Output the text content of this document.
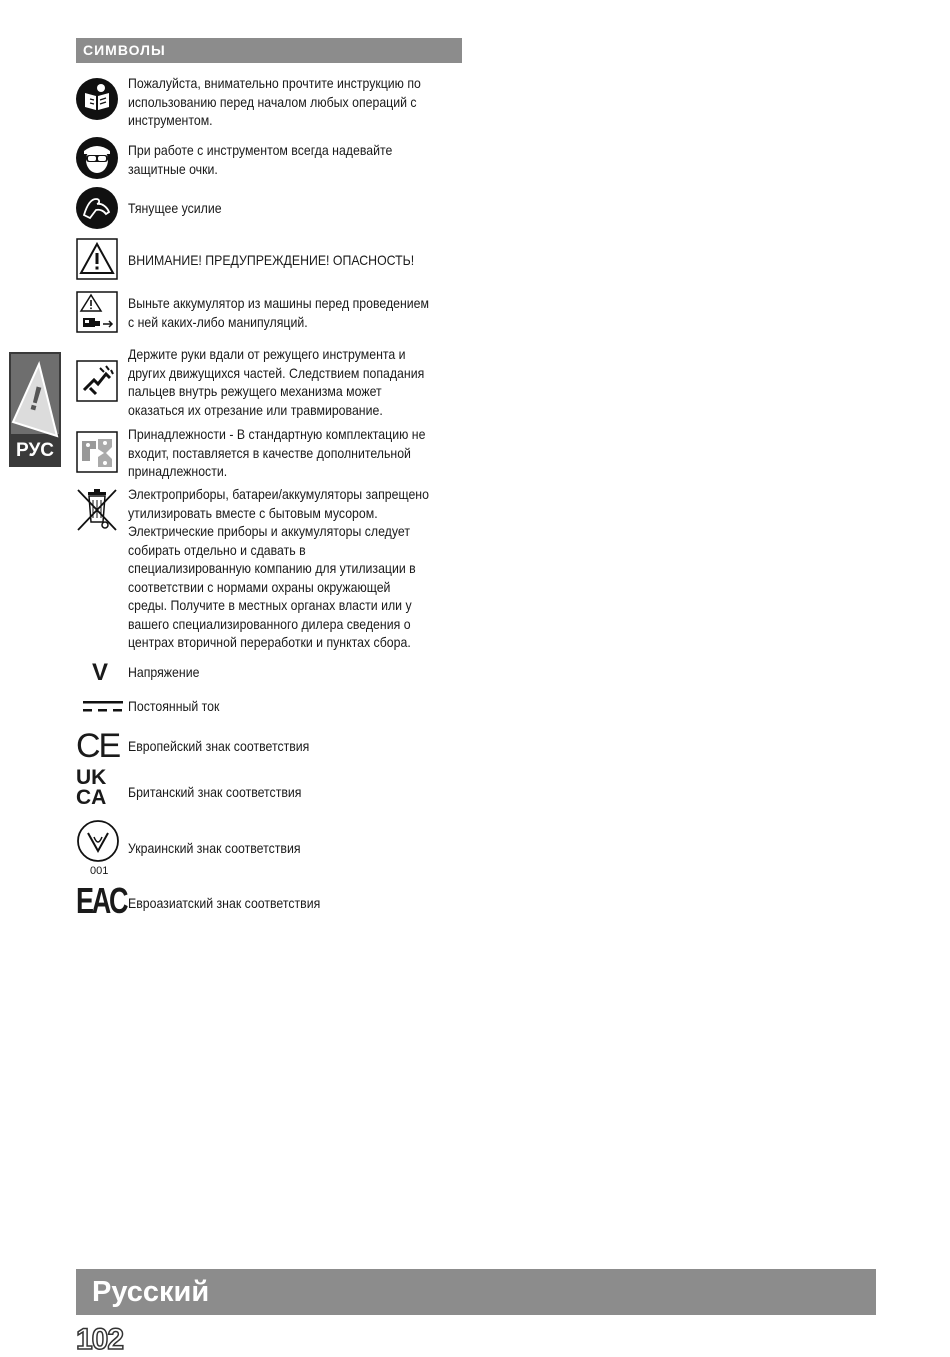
СИМВОЛЫ
!
РУС
Пожалуйста, внимательно прочтите инструкцию по использованию перед началом любых операций с инструментом.
При работе с инструментом всегда надевайте защитные очки.
Тянущее усилие
ВНИМАНИЕ! ПРЕДУПРЕЖДЕНИЕ! ОПАСНОСТЬ!
Выньте аккумулятор из машины перед проведением с ней каких-либо манипуляций.
Держите руки вдали от режущего инструмента и других движущихся частей. Следствием попадания пальцев внутрь режущего механизма может оказаться их отрезание или травмирование.
Принадлежности - В стандартную комплектацию не входит, поставляется в качестве дополнительной принадлежности.
Электроприборы, батареи/аккумуляторы запрещено утилизировать вместе с бытовым мусором. Электрические приборы и аккумуляторы следует собирать отдельно и сдавать в специализированную компанию для утилизации в соответствии с нормами охраны окружающей среды. Получите в местных органах власти или у вашего специализированного дилера сведения о центрах вторичной переработки и пунктах сбора.
V Напряжение
Постоянный ток
CE Европейский знак соответствия
UK CA	Британский знак соответствия
001
Украинский знак соответствия
EAC Евроазиатский знак соответствия
Русский
102
